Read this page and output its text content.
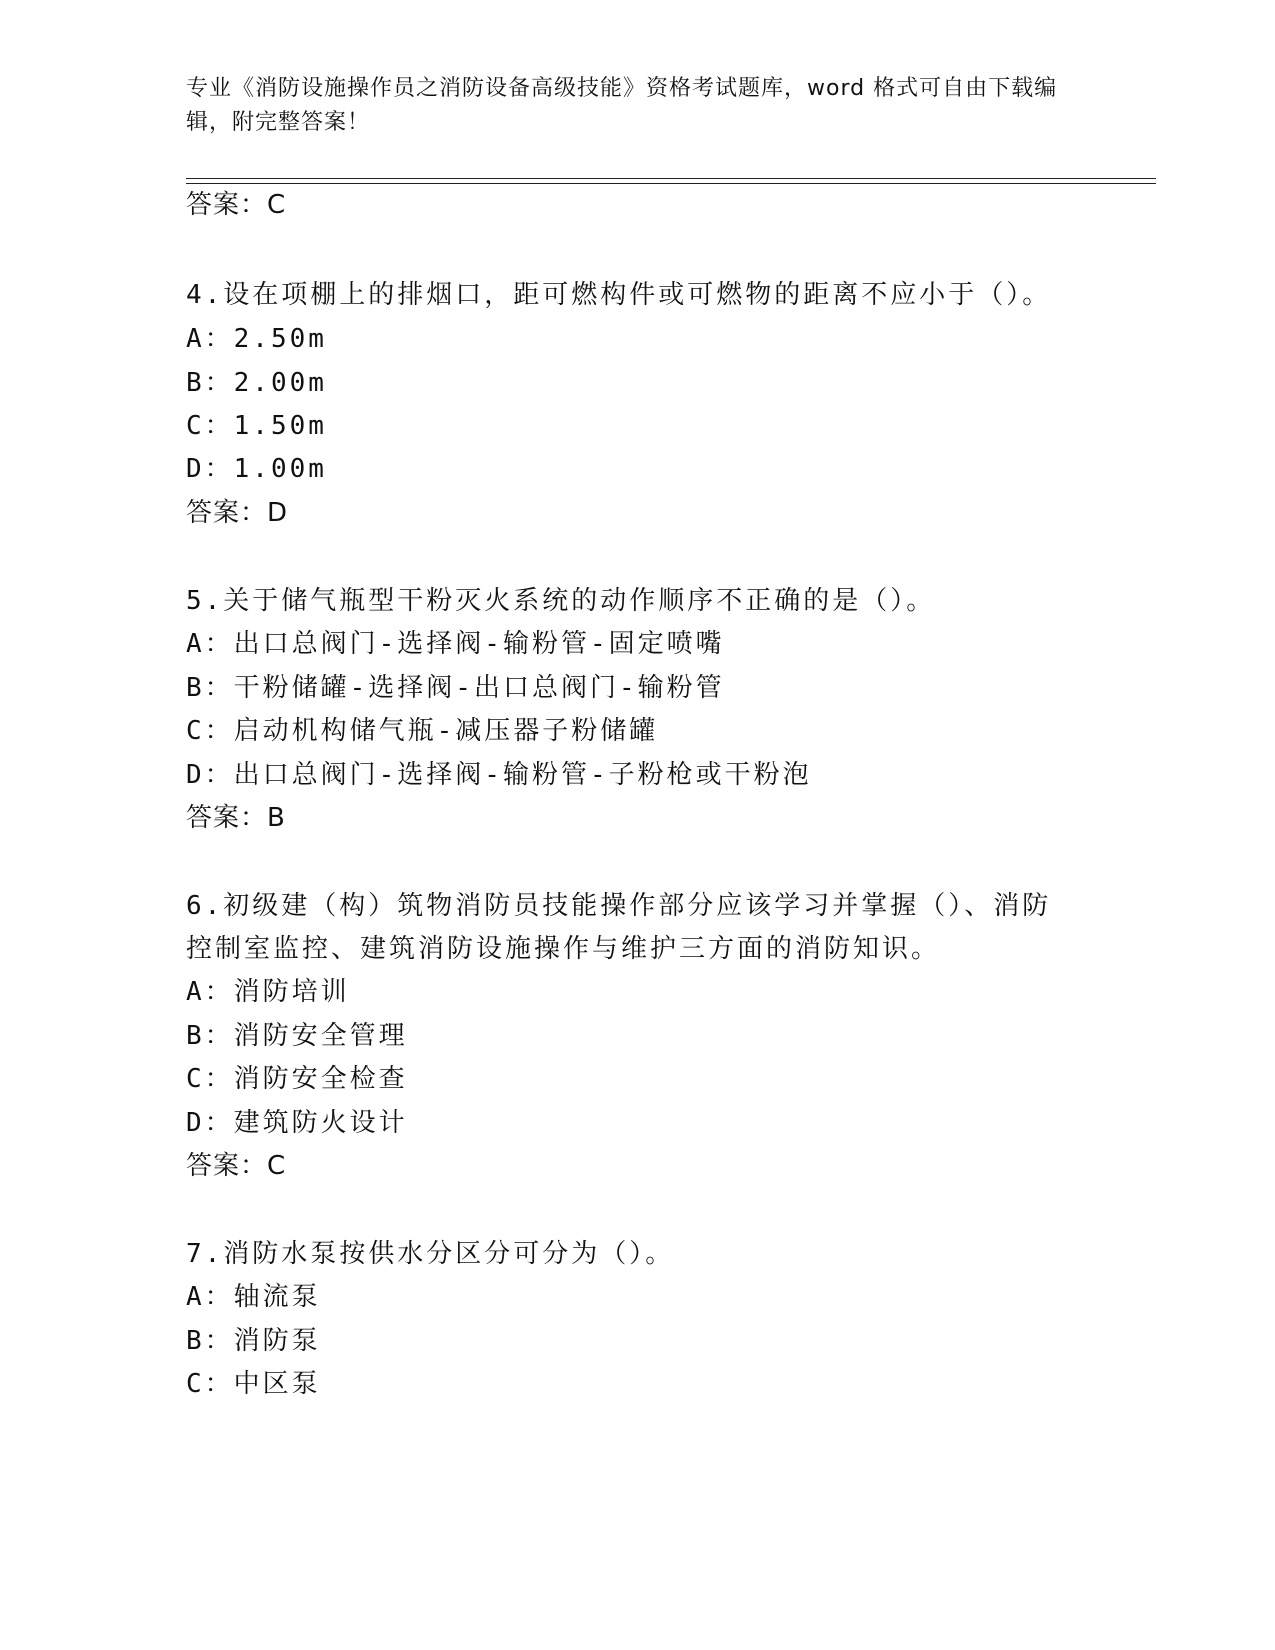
专业《消防设施操作员之消防设备高级技能》资格考试题库，word 格式可自由下载编辑，附完整答案！
答案：C
4.设在项棚上的排烟口，距可燃构件或可燃物的距离不应小于（）。
A：2.50m
B：2.00m
C：1.50m
D：1.00m
答案：D
5.关于储气瓶型干粉灭火系统的动作顺序不正确的是（）。
A：出口总阀门-选择阀-输粉管-固定喷嘴
B：干粉储罐-选择阀-出口总阀门-输粉管
C：启动机构储气瓶-减压器子粉储罐
D：出口总阀门-选择阀-输粉管-子粉枪或干粉泡
答案：B
6.初级建（构）筑物消防员技能操作部分应该学习并掌握（）、消防
控制室监控、建筑消防设施操作与维护三方面的消防知识。
A：消防培训
B：消防安全管理
C：消防安全检查
D：建筑防火设计
答案：C
7.消防水泵按供水分区分可分为（）。
A：轴流泵
B：消防泵
C：中区泵
